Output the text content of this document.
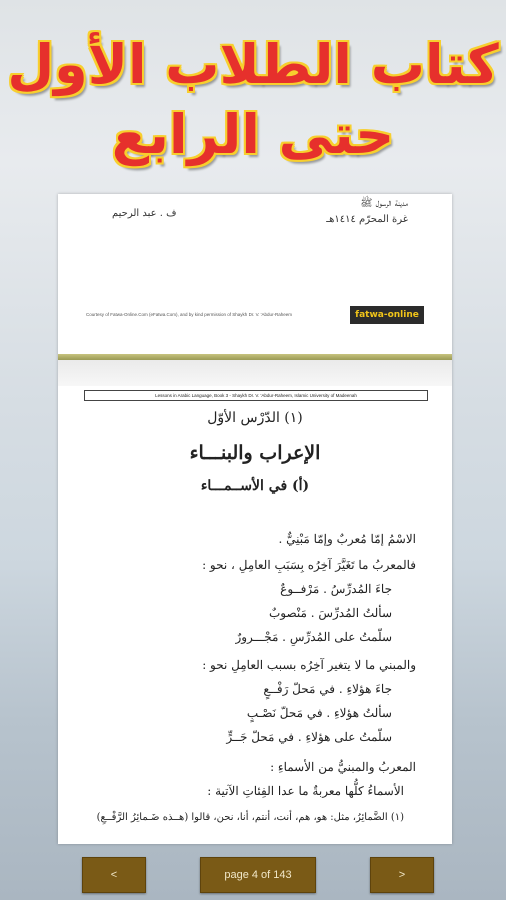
كتاب الطلاب الأول
حتى الرابع
ف . عبد الرحيم
مدينة الرسول ﷺ
غرة المحرّم ١٤١٤هـ
Courtesy of Fatwa-Online.Com (eFatwa.Com), and by kind permission of Shaykh Dr. V. 'Abdur-Raheem	fatwa-online
Lessons in Arabic Language, Book 3 - Shaykh Dr. V. 'Abdur-Raheem, Islamic University of Madeenah
(١) الدّرْس الأوّل
الإعراب والبنـــاء
(أ) في الأســمـــاء
الاسْمُ إمّا مُعربٌ وإمّا مَبْنِيٌّ .
فالمعربُ ما تَغَيَّرَ آخِرُه بِسَبَبِ العامِلِ ، نحو :
جاءَ المُدرِّسُ . مَرْفــوعٌ
سألتُ المُدرِّسَ . مَنْصوبٌ
سلّمتُ على المُدرِّسِ . مَجْـــرورٌ
والمبني ما لا يتغير آخِرُه بسبب العامِلِ نحو :
جاءَ هؤلاءِ . في مَحلّ رَفْــعٍ
سألتُ هؤلاءِ . في مَحلّ نَصْـبٍ
سلّمتُ على هؤلاءِ . في مَحلّ جَــرٍّ
المعربُ والمبنيُّ من الأسماءِ :
الأسماءُ كلُّها معربةٌ ما عدا الفِئاتِ الآتية :
(١) الضَّمائِرُ، مثل: هو، هم، أنت، أنتم، أنا، نحن، قالوا (هــذه ضَـمائِرُ الرَّفْــعِ)
<	page 4 of 143	>
